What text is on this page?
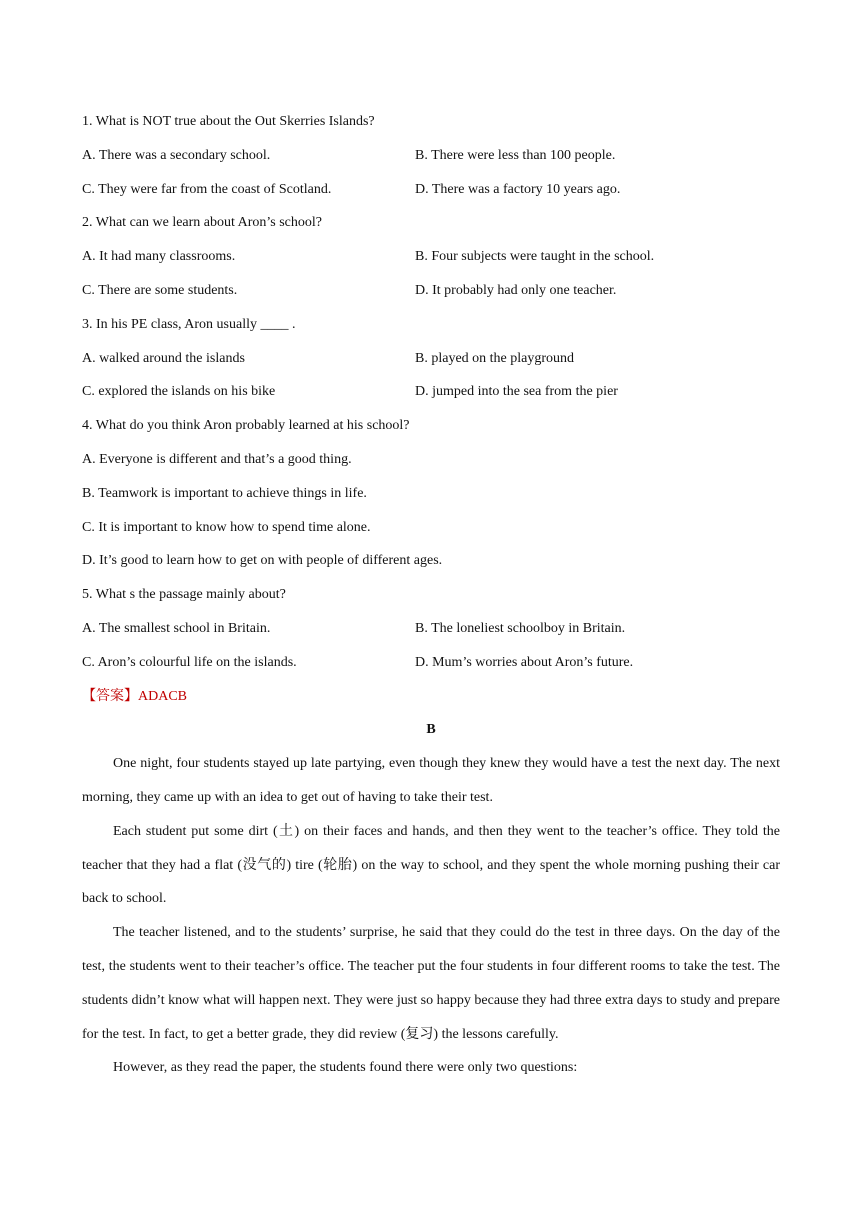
1. What is NOT true about the Out Skerries Islands?
A. There was a secondary school.	B. There were less than 100 people.
C. They were far from the coast of Scotland.	D. There was a factory 10 years ago.
2. What can we learn about Aron’s school?
A. It had many classrooms.	B. Four subjects were taught in the school.
C. There are some students.	D. It probably had only one teacher.
3. In his PE class, Aron usually ____ .
A. walked around the islands	B. played on the playground
C. explored the islands on his bike	D. jumped into the sea from the pier
4. What do you think Aron probably learned at his school?
A. Everyone is different and that’s a good thing.
B. Teamwork is important to achieve things in life.
C. It is important to know how to spend time alone.
D. It’s good to learn how to get on with people of different ages.
5. What s the passage mainly about?
A. The smallest school in Britain.	B. The loneliest schoolboy in Britain.
C. Aron’s colourful life on the islands.	D. Mum’s worries about Aron’s future.
【答案】ADACB
B

One night, four students stayed up late partying, even though they knew they would have a test the next day. The next morning, they came up with an idea to get out of having to take their test.

Each student put some dirt (土) on their faces and hands, and then they went to the teacher’s office. They told the teacher that they had a flat (没气的) tire (轮胎) on the way to school, and they spent the whole morning pushing their car back to school.

The teacher listened, and to the students’ surprise, he said that they could do the test in three days. On the day of the test, the students went to their teacher’s office. The teacher put the four students in four different rooms to take the test. The students didn’t know what will happen next. They were just so happy because they had three extra days to study and prepare for the test. In fact, to get a better grade, they did review (复习) the lessons carefully.

However, as they read the paper, the students found there were only two questions:
